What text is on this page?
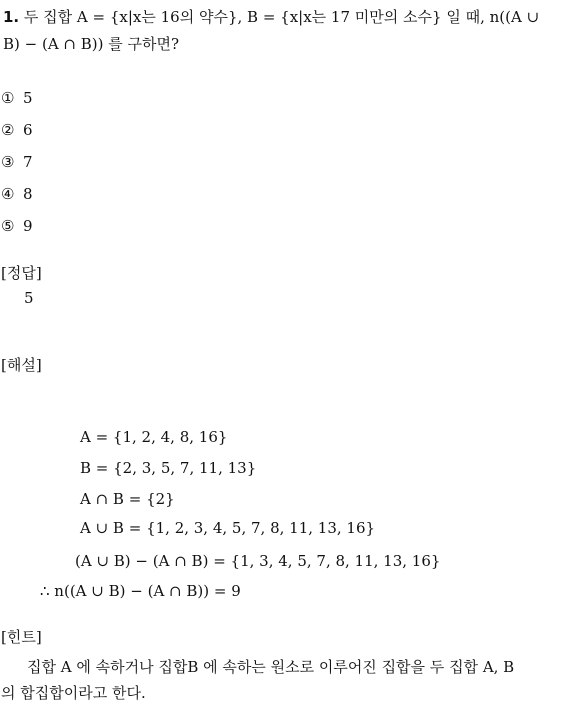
1. 두 집합 A = {x|x는 16의 약수}, B = {x|x는 17 미만의 소수} 일 때, n((A ∪
B) − (A ∩ B)) 를 구하면?
① 5
② 6
③ 7
④ 8
⑤ 9
[정답]
5
[해설]
A = {1, 2, 4, 8, 16}
B = {2, 3, 5, 7, 11, 13}
A ∩ B = {2}
A ∪ B = {1, 2, 3, 4, 5, 7, 8, 11, 13, 16}
(A ∪ B) − (A ∩ B) = {1, 3, 4, 5, 7, 8, 11, 13, 16}
∴ n((A ∪ B) − (A ∩ B)) = 9
[힌트]
집합 A 에 속하거나 집합B 에 속하는 원소로 이루어진 집합을 두 집합 A, B
의 합집합이라고 한다.
